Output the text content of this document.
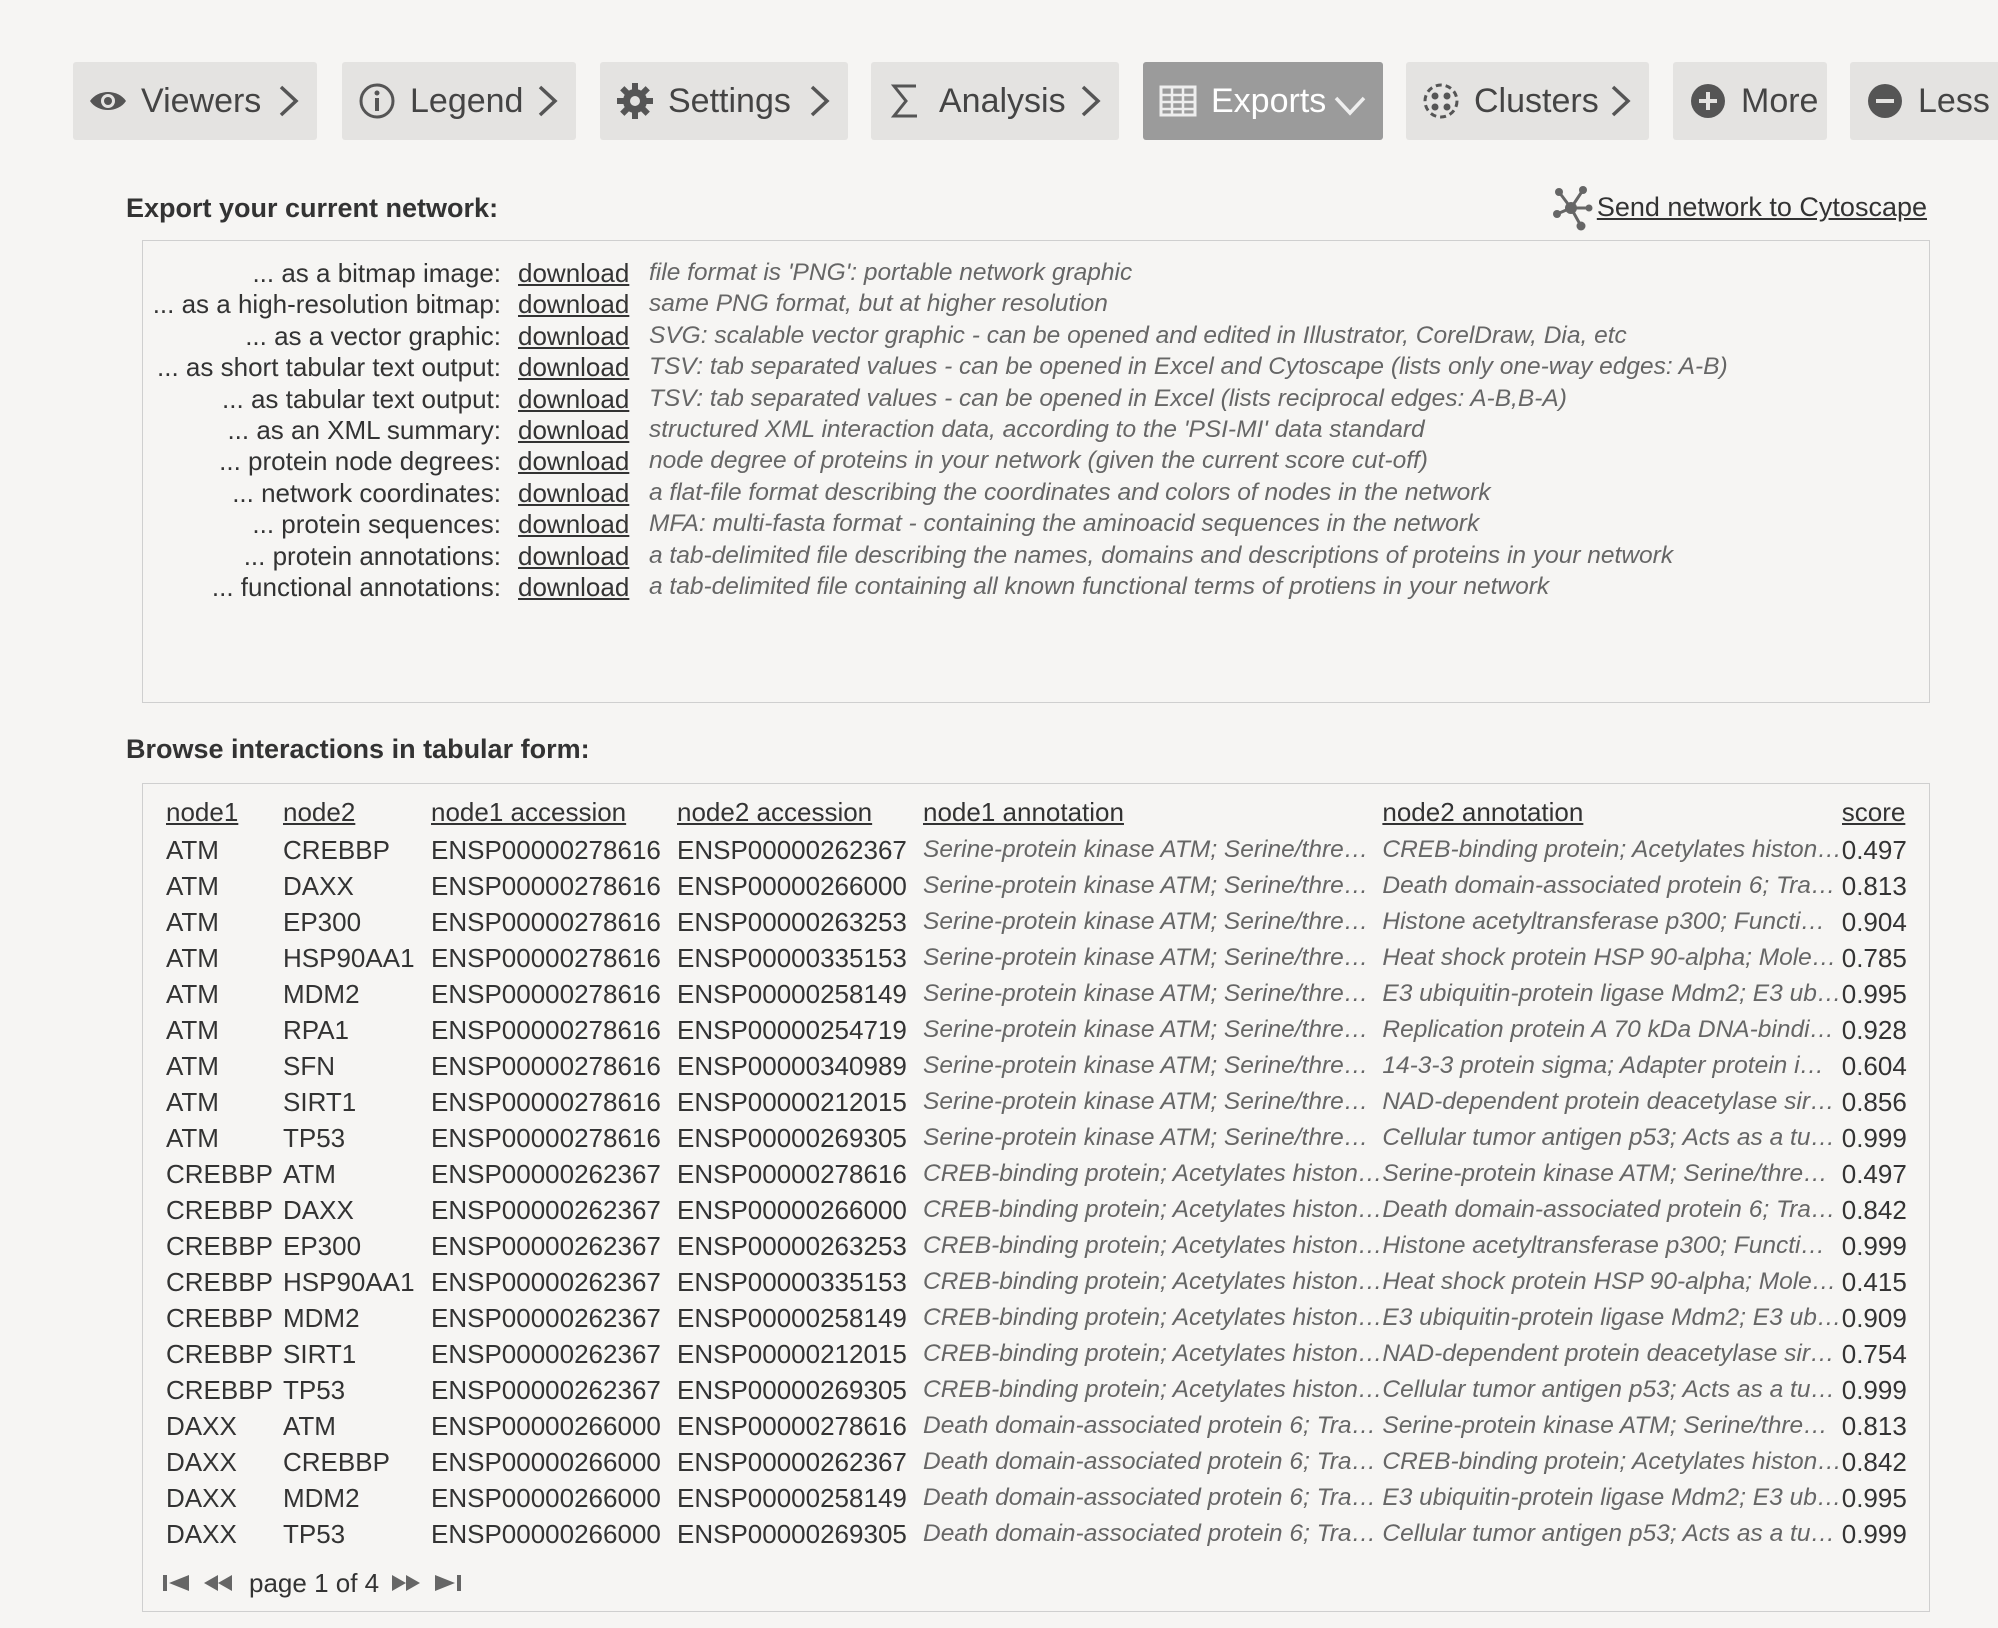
Viewers	Legend	Settings	Analysis	Exports	Clusters	More	Less
Export your current network:	Send network to Cytoscape
... as a bitmap image: download file format is 'PNG': portable network graphic
... as a high-resolution bitmap: download same PNG format, but at higher resolution
... as a vector graphic: download SVG: scalable vector graphic - can be opened and edited in Illustrator, CorelDraw, Dia, etc
... as short tabular text output: download TSV: tab separated values - can be opened in Excel and Cytoscape (lists only one-way edges: A-B)
... as tabular text output: download TSV: tab separated values - can be opened in Excel (lists reciprocal edges: A-B,B-A)
... as an XML summary: download structured XML interaction data, according to the 'PSI-MI' data standard
... protein node degrees: download node degree of proteins in your network (given the current score cut-off)
... network coordinates: download a flat-file format describing the coordinates and colors of nodes in the network
... protein sequences: download MFA: multi-fasta format - containing the aminoacid sequences in the network
... protein annotations: download a tab-delimited file describing the names, domains and descriptions of proteins in your network
... functional annotations: download a tab-delimited file containing all known functional terms of protiens in your network
Browse interactions in tabular form:
node1	node2	node1 accession	node2 accession	node1 annotation	node2 annotation	score
ATM	CREBBP	ENSP00000278616	ENSP00000262367	Serine-protein kinase ATM; Serine/thre…	CREB-binding protein; Acetylates histon…	0.497
ATM	DAXX	ENSP00000278616	ENSP00000266000	Serine-protein kinase ATM; Serine/thre…	Death domain-associated protein 6; Tra…	0.813
ATM	EP300	ENSP00000278616	ENSP00000263253	Serine-protein kinase ATM; Serine/thre…	Histone acetyltransferase p300; Functi…	0.904
ATM	HSP90AA1	ENSP00000278616	ENSP00000335153	Serine-protein kinase ATM; Serine/thre…	Heat shock protein HSP 90-alpha; Mole…	0.785
ATM	MDM2	ENSP00000278616	ENSP00000258149	Serine-protein kinase ATM; Serine/thre…	E3 ubiquitin-protein ligase Mdm2; E3 ub…	0.995
ATM	RPA1	ENSP00000278616	ENSP00000254719	Serine-protein kinase ATM; Serine/thre…	Replication protein A 70 kDa DNA-bindi…	0.928
ATM	SFN	ENSP00000278616	ENSP00000340989	Serine-protein kinase ATM; Serine/thre…	14-3-3 protein sigma; Adapter protein i…	0.604
ATM	SIRT1	ENSP00000278616	ENSP00000212015	Serine-protein kinase ATM; Serine/thre…	NAD-dependent protein deacetylase sir…	0.856
ATM	TP53	ENSP00000278616	ENSP00000269305	Serine-protein kinase ATM; Serine/thre…	Cellular tumor antigen p53; Acts as a tu…	0.999
CREBBP	ATM	ENSP00000262367	ENSP00000278616	CREB-binding protein; Acetylates histon…	Serine-protein kinase ATM; Serine/thre…	0.497
CREBBP	DAXX	ENSP00000262367	ENSP00000266000	CREB-binding protein; Acetylates histon…	Death domain-associated protein 6; Tra…	0.842
CREBBP	EP300	ENSP00000262367	ENSP00000263253	CREB-binding protein; Acetylates histon…	Histone acetyltransferase p300; Functi…	0.999
CREBBP	HSP90AA1	ENSP00000262367	ENSP00000335153	CREB-binding protein; Acetylates histon…	Heat shock protein HSP 90-alpha; Mole…	0.415
CREBBP	MDM2	ENSP00000262367	ENSP00000258149	CREB-binding protein; Acetylates histon…	E3 ubiquitin-protein ligase Mdm2; E3 ub…	0.909
CREBBP	SIRT1	ENSP00000262367	ENSP00000212015	CREB-binding protein; Acetylates histon…	NAD-dependent protein deacetylase sir…	0.754
CREBBP	TP53	ENSP00000262367	ENSP00000269305	CREB-binding protein; Acetylates histon…	Cellular tumor antigen p53; Acts as a tu…	0.999
DAXX	ATM	ENSP00000266000	ENSP00000278616	Death domain-associated protein 6; Tra…	Serine-protein kinase ATM; Serine/thre…	0.813
DAXX	CREBBP	ENSP00000266000	ENSP00000262367	Death domain-associated protein 6; Tra…	CREB-binding protein; Acetylates histon…	0.842
DAXX	MDM2	ENSP00000266000	ENSP00000258149	Death domain-associated protein 6; Tra…	E3 ubiquitin-protein ligase Mdm2; E3 ub…	0.995
DAXX	TP53	ENSP00000266000	ENSP00000269305	Death domain-associated protein 6; Tra…	Cellular tumor antigen p53; Acts as a tu…	0.999
page 1 of 4
